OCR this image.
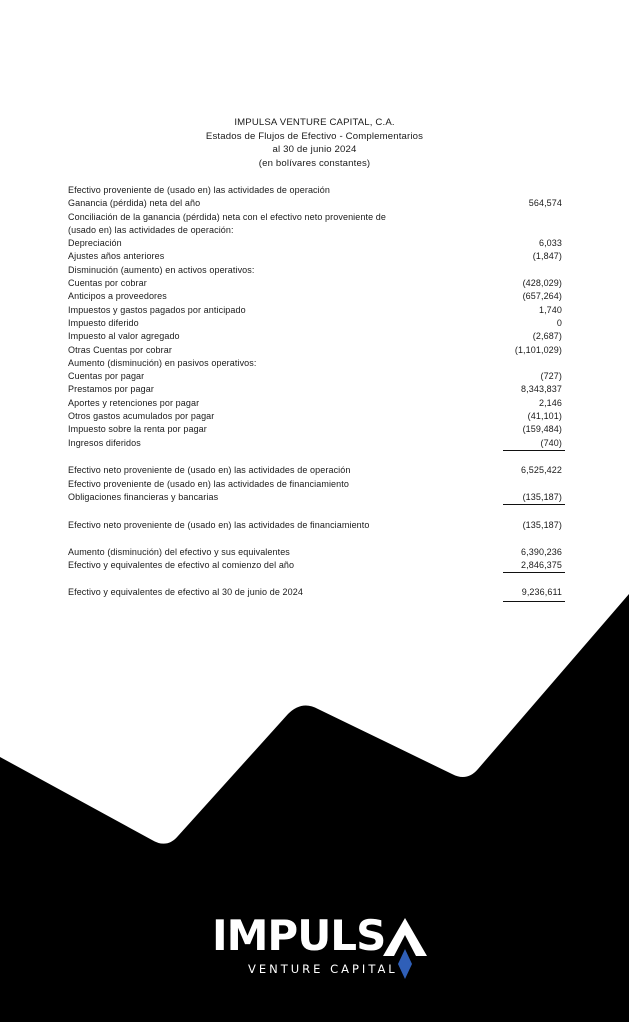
IMPULSA VENTURE CAPITAL, C.A.
Estados de Flujos de Efectivo - Complementarios
al 30 de junio 2024
(en bolívares constantes)
Efectivo proveniente de (usado en) las actividades de operación
Ganancia (pérdida) neta del año	564,574
Conciliación de la ganancia (pérdida) neta con el efectivo neto proveniente de
(usado en) las actividades de operación:
Depreciación	6,033
Ajustes años anteriores	(1,847)
Disminución (aumento) en activos operativos:
Cuentas por cobrar	(428,029)
Anticipos a proveedores	(657,264)
Impuestos y gastos pagados por anticipado	1,740
Impuesto diferido	0
Impuesto al valor agregado	(2,687)
Otras Cuentas por cobrar	(1,101,029)
Aumento (disminución) en pasivos operativos:
Cuentas por pagar	(727)
Prestamos por pagar	8,343,837
Aportes y retenciones por pagar	2,146
Otros gastos acumulados por pagar	(41,101)
Impuesto sobre la renta por pagar	(159,484)
Ingresos diferidos	(740)
Efectivo neto proveniente de (usado en) las actividades de operación	6,525,422
Efectivo proveniente de (usado en) las actividades de financiamiento
Obligaciones financieras y bancarias	(135,187)
Efectivo neto proveniente de (usado en) las actividades de financiamiento	(135,187)
Aumento (disminución) del efectivo y sus equivalentes	6,390,236
Efectivo y equivalentes de efectivo al comienzo del año	2,846,375
Efectivo y equivalentes de efectivo al 30 de junio de 2024	9,236,611
IMPULS
VENTURE CAPITAL
